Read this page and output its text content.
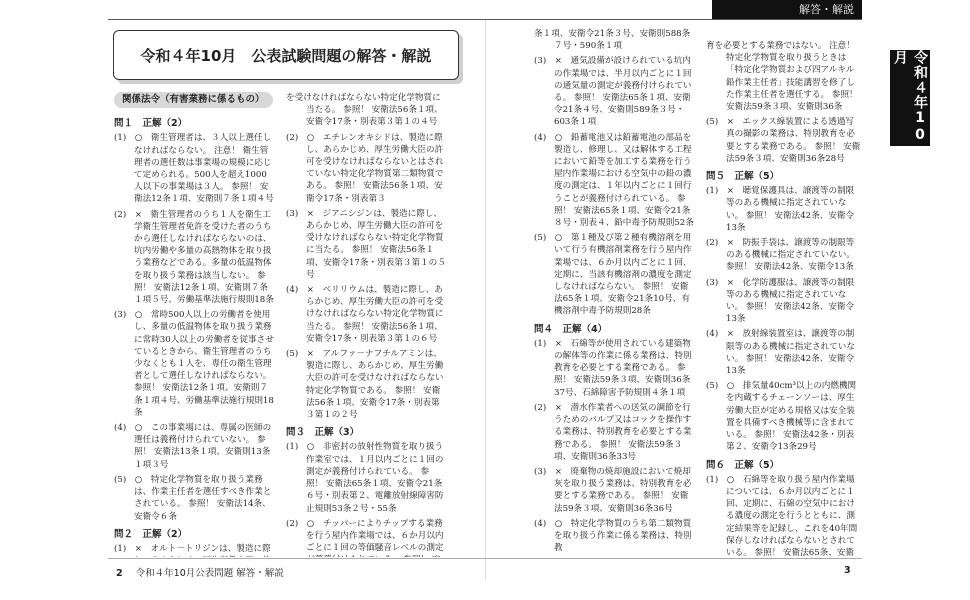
解答・解説
令和４年10月　公表試験問題の解答・解説	令和４年10月
関係法令（有害業務に係るもの）
問１　正解（2）
(1)　○　衛生管理者は、３人以上選任しなければならない。 注意！ 衛生管理者の選任数は事業場の規模に応じて定められる。500人を超え1000人以下の事業場は３人。 参照！ 安衛法12条１項、安衛則７条１項４号
(2)　×　衛生管理者のうち１人を衛生工学衛生管理者免許を受けた者のうちから選任しなければならないのは、坑内労働や多量の高熱物体を取り扱う業務などである。多量の低温物体を取り扱う業務は該当しない。 参照！ 安衛法12条１項、安衛則７条１項５号、労働基準法施行規則18条
(3)　○　常時500人以上の労働者を使用し、多量の低温物体を取り扱う業務に常時30人以上の労働者を従事させているときから、衛生管理者のうち少なくとも１人を、専任の衛生管理者として選任しなければならない。 参照！ 安衛法12条１項、安衛則７条１項４号、労働基準法施行規則18条
(4)　○　この事業場には、専属の医師の選任は義務付けられていない。 参照！ 安衛法13条１項、安衛則13条１項３号
(5)　○　特定化学物質を取り扱う業務は、作業主任者を選任すべき作業とされている。 参照！ 安衛法14条、安衛令６条
問２　正解（2）
(1)　×　オルト－トリジンは、製造に際
を受けなければならない特定化学物質に当たる。 参照！ 安衛法56条１項、安衛令17条・別表第３第１の４号
(2)　○　エチレンオキシドは、製造に際し、あらかじめ、厚生労働大臣の許可を受けなければならないとはされていない特定化学物質第二類物質である。 参照！ 安衛法56条１項、安衛令17条・別表第３
(3)　×　ジアニシジンは、製造に際し、あらかじめ、厚生労働大臣の許可を受けなければならない特定化学物質に当たる。 参照！ 安衛法56条１項、安衛令17条・別表第３第１の５号
(4)　×　ベリリウムは、製造に際し、あらかじめ、厚生労働大臣の許可を受けなければならない特定化学物質に当たる。 参照！ 安衛法56条１項、安衛令17条・別表第３第１の６号
(5)　×　アルファ－ナフチルアミンは、製造に際し、あらかじめ、厚生労働大臣の許可を受けなければならない特定化学物質である。 参照！ 安衛法56条１項、安衛令17条・別表第３第１の２号
問３　正解（3）
(1)　○　非密封の放射性物質を取り扱う作業室では、１月以内ごとに１回の測定が義務付けられている。 参照！ 安衛法65条１項、安衛令21条６号・別表第２、電離放射線障害防止規則53条２号・55条
(2)　○　チッパーによりチップする業務を行う屋内作業場では、６か月以内ごとに１回の等価騒音レベルの測定
条１項、安衛令21条３号、安衛則588条７号・590条１項
(3)　×　通気設備が設けられている坑内の作業場では、半月以内ごとに１回の通気量の測定が義務付けられている。 参照！ 安衛法65条１項、安衛令21条４号、安衛則589条３号・603条１項
(4)　○　鉛蓄電池又は鉛蓄電池の部品を製造し、修理し、又は解体する工程において鉛等を加工する業務を行う屋内作業場における空気中の鉛の濃度の測定は、１年以内ごとに１回行うことが義務付けられている。 参照！ 安衛法65条１項、安衛令21条８号・別表４、鉛中毒予防規則52条
(5)　○　第１種及び第２種有機溶剤を用いて行う有機溶剤業務を行う屋内作業場では、６か月以内ごとに１回、定期に、当該有機溶剤の濃度を測定しなければならない。 参照！ 安衛法65条１項、安衛令21条10号、有機溶剤中毒予防規則28条
問４　正解（4）
(1)　×　石綿等が使用されている建築物の解体等の作業に係る業務は、特別教育を必要とする業務である。 参照！ 安衛法59条３項、安衛則36条37号、石綿障害予防規則４条１項
(2)　×　潜水作業者への送気の調節を行うためのバルブ又はコックを操作する業務は、特別教育を必要とする業務である。 参照！ 安衛法59条３項、安衛則36条33号
(3)　×　廃棄物の焼却施設において焼却灰を取り扱う業務は、特別教育を必要とする業務である。 参照！ 安衛法59条３項、安衛則36条36号
(4)　○　特定化学物質のうち第二類物質を取り扱う作業に係る業務は、特別教
育を必要とする業務ではない。 注意！ 特定化学物質を取り扱うときは「特定化学物質および四アルキル鉛作業主任者」技能講習を修了した作業主任者を選任する。 参照！ 安衛法59条３項、安衛則36条
(5)　×　エックス線装置による透過写真の撮影の業務は、特別教育を必要とする業務である。 参照！ 安衛法59条３項、安衛則36条28号
問５　正解（5）
(1)　×　聴覚保護具は、譲渡等の制限等のある機械に指定されていない。 参照！ 安衛法42条、安衛令13条
(2)　×　防振手袋は、譲渡等の制限等のある機械に指定されていない。 参照！ 安衛法42条、安衛令13条
(3)　×　化学防護服は、譲渡等の制限等のある機械に指定されていない。 参照！ 安衛法42条、安衛令13条
(4)　×　放射線装置室は、譲渡等の制限等のある機械に指定されていない。 参照！ 安衛法42条、安衛令13条
(5)　○　排気量40cm³以上の内燃機関を内蔵するチェーンソーは、厚生労働大臣が定める規格又は安全装置を具備すべき機械等に含まれている。 参照！ 安衛法42条・別表第２、安衛令13条29号
問６　正解（5）
(1)　○　石綿等を取り扱う屋内作業場については、６か月以内ごとに１回、定期に、石綿の空気中における濃度の測定を行うとともに、測定結果等を記録し、これを40年間保存しなければならないとされている。 参照！ 安衛法65条、安衛
2 令和４年10月公表問題 解答・解説	3
